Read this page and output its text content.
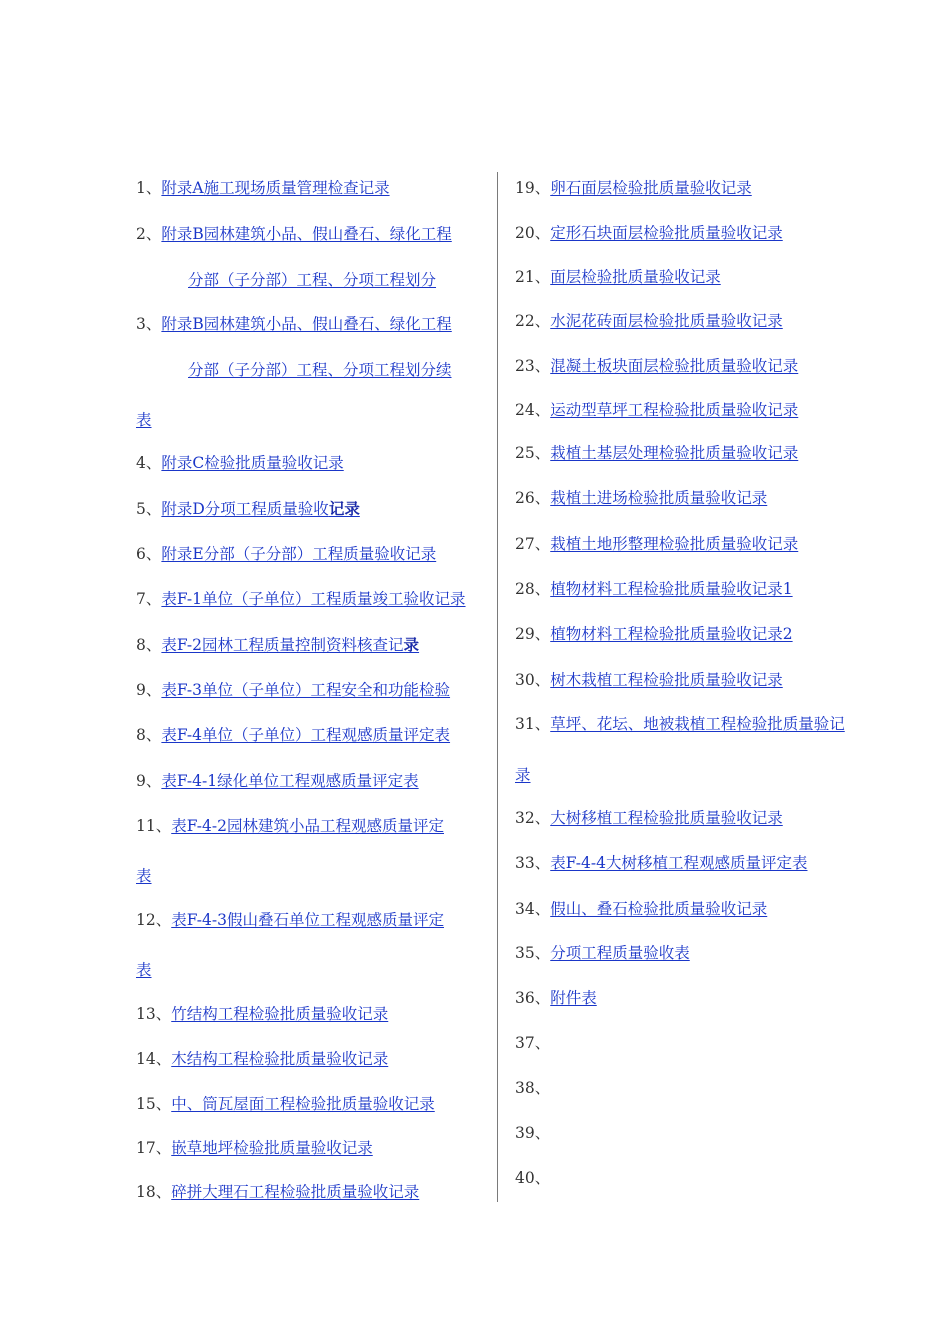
1、附录A施工现场质量管理检查记录
2、附录B园林建筑小品、假山叠石、绿化工程
分部（子分部）工程、分项工程划分
3、附录B园林建筑小品、假山叠石、绿化工程
分部（子分部）工程、分项工程划分续
表
4、附录C检验批质量验收记录
5、附录D分项工程质量验收记录
6、附录E分部（子分部）工程质量验收记录
7、表F-1单位（子单位）工程质量竣工验收记录
8、表F-2园林工程质量控制资料核查记录
9、表F-3单位（子单位）工程安全和功能检验
8、表F-4单位（子单位）工程观感质量评定表
9、表F-4-1绿化单位工程观感质量评定表
11、表F-4-2园林建筑小品工程观感质量评定
表
12、表F-4-3假山叠石单位工程观感质量评定
表
13、竹结构工程检验批质量验收记录
14、木结构工程检验批质量验收记录
15、中、筒瓦屋面工程检验批质量验收记录
17、嵌草地坪检验批质量验收记录
18、碎拼大理石工程检验批质量验收记录
19、卵石面层检验批质量验收记录
20、定形石块面层检验批质量验收记录
21、面层检验批质量验收记录
22、水泥花砖面层检验批质量验收记录
23、混凝土板块面层检验批质量验收记录
24、运动型草坪工程检验批质量验收记录
25、栽植土基层处理检验批质量验收记录
26、栽植土进场检验批质量验收记录
27、栽植土地形整理检验批质量验收记录
28、植物材料工程检验批质量验收记录1
29、植物材料工程检验批质量验收记录2
30、树木栽植工程检验批质量验收记录
31、草坪、花坛、地被栽植工程检验批质量验记
录
32、大树移植工程检验批质量验收记录
33、表F-4-4大树移植工程观感质量评定表
34、假山、叠石检验批质量验收记录
35、分项工程质量验收表
36、附件表
37、
38、
39、
40、
